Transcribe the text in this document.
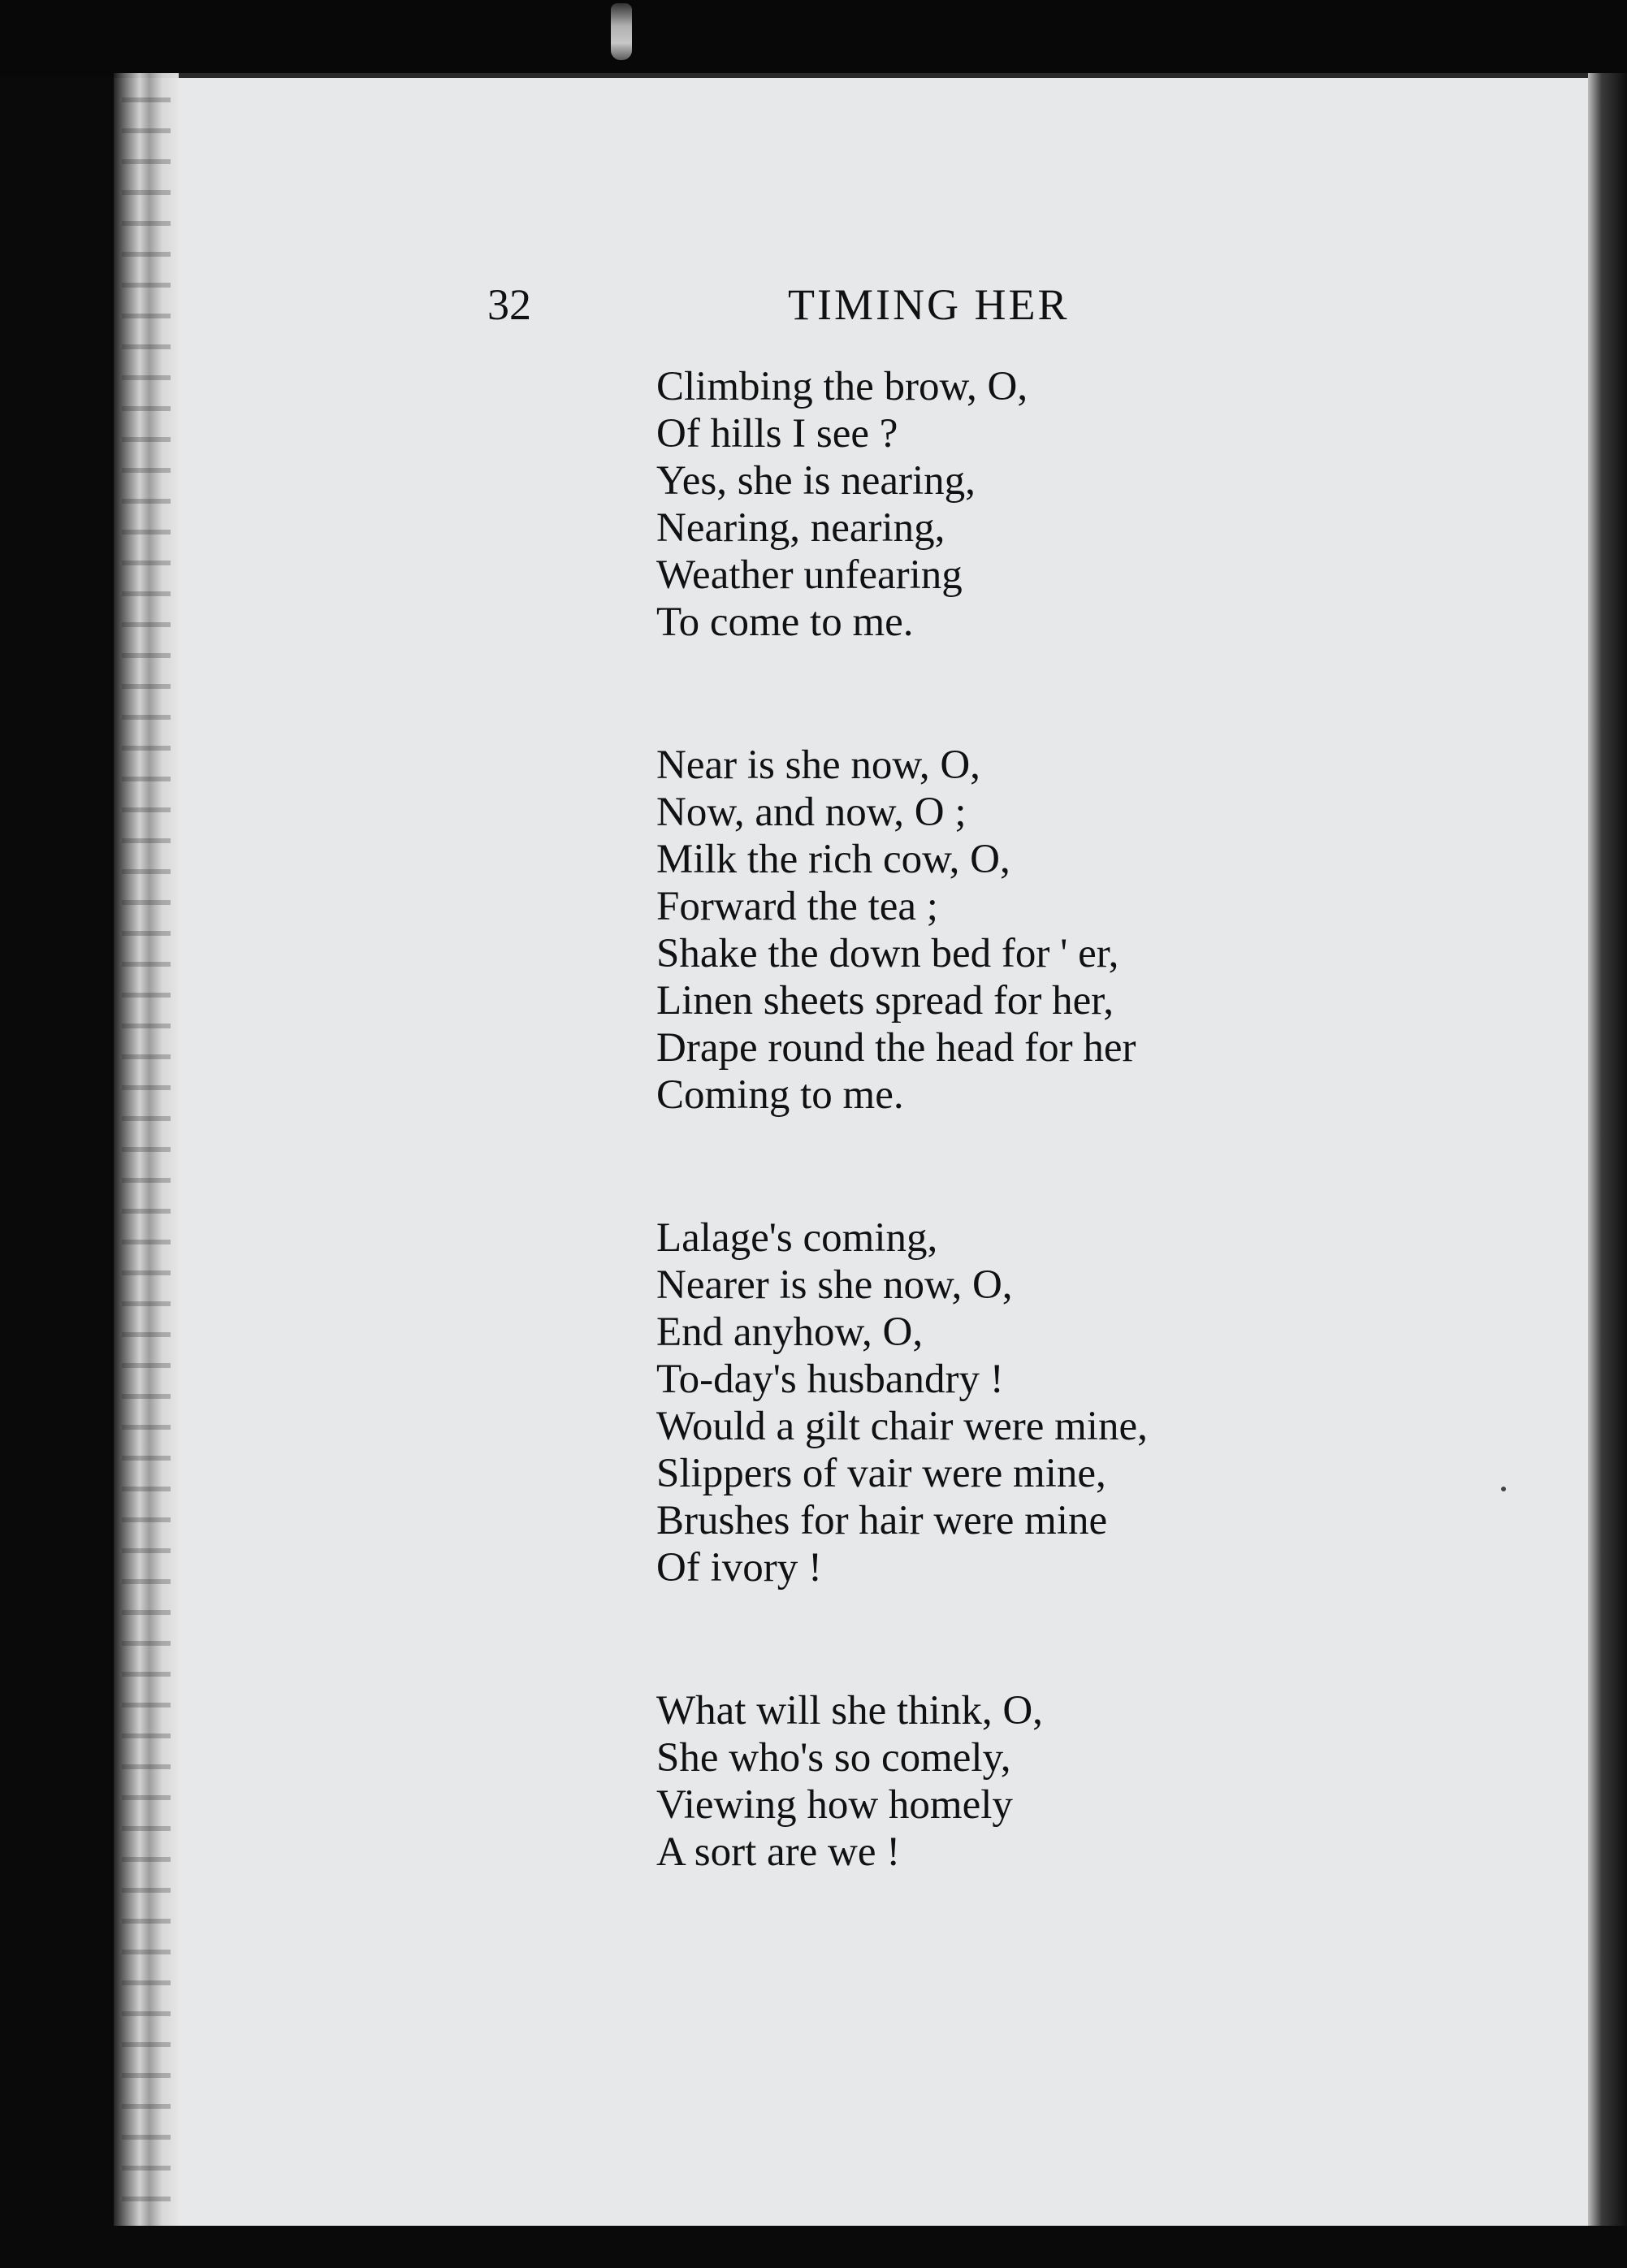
32	TIMING HER
Climbing the brow, O,
Of hills I see ?
Yes, she is nearing,
Nearing, nearing,
Weather unfearing
To come to me.
Near is she now, O,
Now, and now, O ;
Milk the rich cow, O,
Forward the tea ;
Shake the down bed for ' er,
Linen sheets spread for her,
Drape round the head for her
Coming to me.
Lalage's coming,
Nearer is she now, O,
End anyhow, O,
To-day's husbandry !
Would a gilt chair were mine,
Slippers of vair were mine,
Brushes for hair were mine
Of ivory !
What will she think, O,
She who's so comely,
Viewing how homely
A sort are we !
